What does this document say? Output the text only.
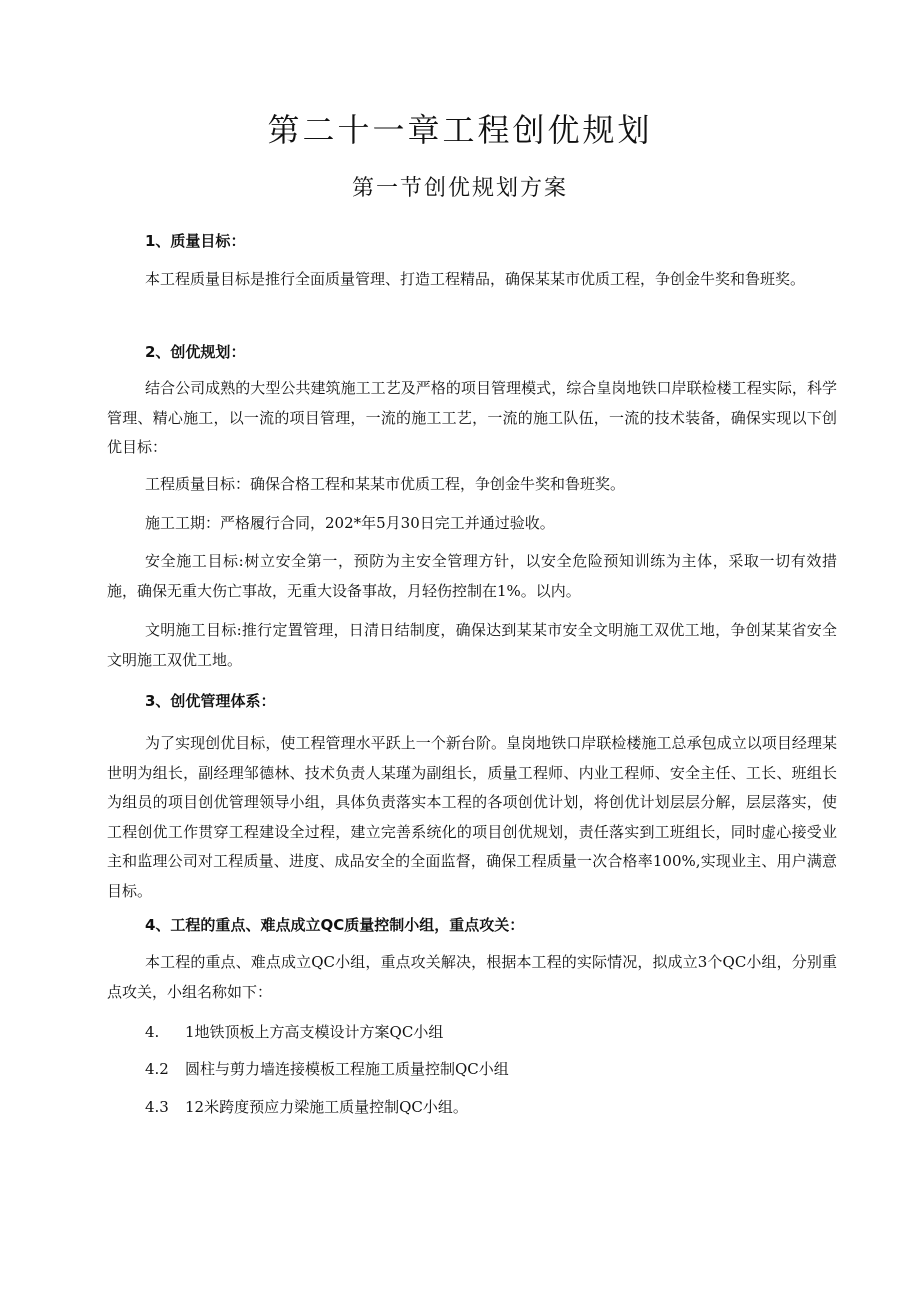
第二十一章工程创优规划
第一节创优规划方案
1、质量目标：

本工程质量目标是推行全面质量管理、打造工程精品，确保某某市优质工程，争创金牛奖和鲁班奖。

2、创优规划：

结合公司成熟的大型公共建筑施工工艺及严格的项目管理模式，综合皇岗地铁口岸联检楼工程实际，科学管理、精心施工，以一流的项目管理，一流的施工工艺，一流的施工队伍，一流的技术装备，确保实现以下创优目标：

工程质量目标：确保合格工程和某某市优质工程，争创金牛奖和鲁班奖。

施工工期：严格履行合同，202*年5月30日完工并通过验收。

安全施工目标:树立安全第一，预防为主安全管理方针，以安全危险预知训练为主体，采取一切有效措施，确保无重大伤亡事故，无重大设备事故，月轻伤控制在1%。以内。

文明施工目标:推行定置管理，日清日结制度，确保达到某某市安全文明施工双优工地，争创某某省安全文明施工双优工地。

3、创优管理体系：

为了实现创优目标，使工程管理水平跃上一个新台阶。皇岗地铁口岸联检楼施工总承包成立以项目经理某世明为组长，副经理邹德林、技术负责人某瑾为副组长，质量工程师、内业工程师、安全主任、工长、班组长为组员的项目创优管理领导小组，具体负责落实本工程的各项创优计划，将创优计划层层分解，层层落实，使工程创优工作贯穿工程建设全过程，建立完善系统化的项目创优规划，责任落实到工班组长，同时虚心接受业主和监理公司对工程质量、进度、成品安全的全面监督，确保工程质量一次合格率100%,实现业主、用户满意目标。

4、工程的重点、难点成立QC质量控制小组，重点攻关：

本工程的重点、难点成立QC小组，重点攻关解决，根据本工程的实际情况，拟成立3个QC小组，分别重点攻关，小组名称如下：

4. 1地铁顶板上方高支模设计方案QC小组
4.2 圆柱与剪力墙连接模板工程施工质量控制QC小组
4.3 12米跨度预应力梁施工质量控制QC小组。
